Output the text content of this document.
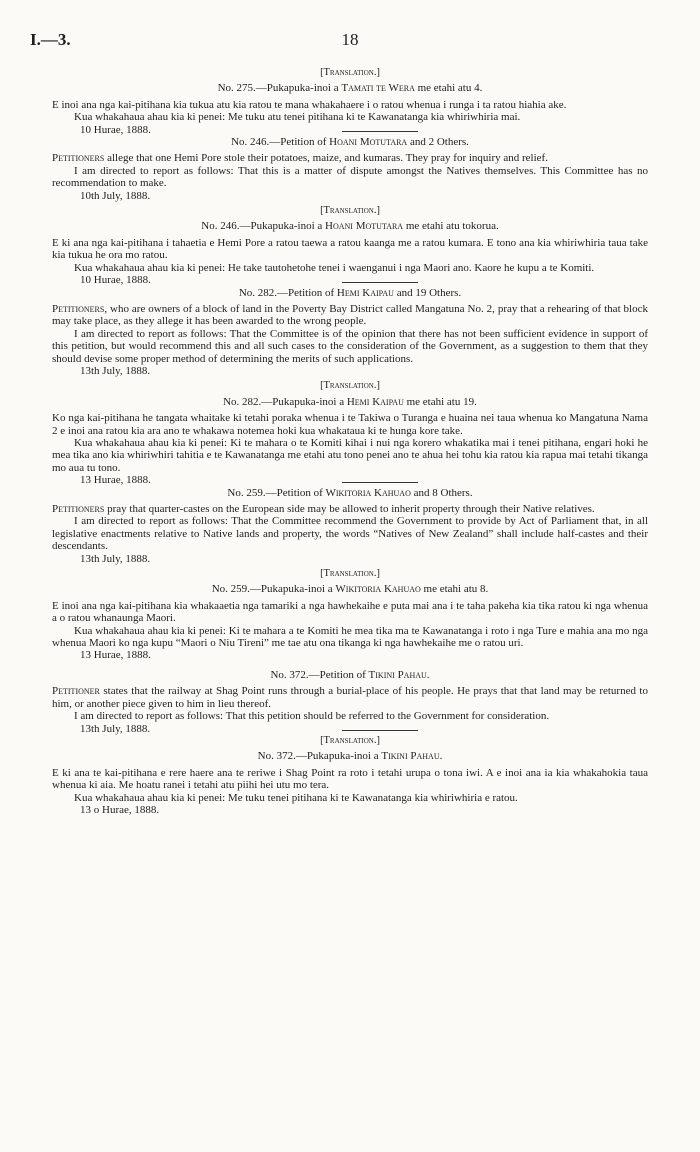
I.—3.	18
[Translation.]
No. 275.—Pukapuka-inoi a Tamati te Wera me etahi atu 4.
E inoi ana nga kai-pitihana kia tukua atu kia ratou te mana whakahaere i o ratou whenua i runga i ta ratou hiahia ake.
Kua whakahaua ahau kia ki penei: Me tuku atu tenei pitihana ki te Kawanatanga kia whiriwhiria mai.
10 Hurae, 1888.
No. 246.—Petition of Hoani Motutara and 2 Others.
Petitioners allege that one Hemi Pore stole their potatoes, maize, and kumaras. They pray for inquiry and relief.
I am directed to report as follows: That this is a matter of dispute amongst the Natives themselves. This Committee has no recommendation to make.
10th July, 1888.
[Translation.]
No. 246.—Pukapuka-inoi a Hoani Motutara me etahi atu tokorua.
E ki ana nga kai-pitihana i tahaetia e Hemi Pore a ratou taewa a ratou kaanga me a ratou kumara. E tono ana kia whiriwhiria taua take kia tukua he ora mo ratou.
Kua whakahaua ahau kia ki penei: He take tautohetohe tenei i waenganui i nga Maori ano. Kaore he kupu a te Komiti.
10 Hurae, 1888.
No. 282.—Petition of Hemi Kaipau and 19 Others.
Petitioners, who are owners of a block of land in the Poverty Bay District called Mangatuna No. 2, pray that a rehearing of that block may take place, as they allege it has been awarded to the wrong people.
I am directed to report as follows: That the Committee is of the opinion that there has not been sufficient evidence in support of this petition, but would recommend this and all such cases to the consideration of the Government, as a suggestion to them that they should devise some proper method of determining the merits of such applications.
13th July, 1888.
[Translation.]
No. 282.—Pukapuka-inoi a Hemi Kaipau me etahi atu 19.
Ko nga kai-pitihana he tangata whaitake ki tetahi poraka whenua i te Takiwa o Turanga e huaina nei taua whenua ko Mangatuna Nama 2 e inoi ana ratou kia ara ano te whakawa notemea hoki kua whakataua ki te hunga kore take.
Kua whakahaua ahau kia ki penei: Ki te mahara o te Komiti kihai i nui nga korero whakatika mai i tenei pitihana, engari hoki he mea tika ano kia whiriwhiri tahitia e te Kawanatanga me etahi atu tono penei ano te ahua hei tohu kia ratou kia rapua mai tetahi tikanga mo aua tu tono.
13 Hurae, 1888.
No. 259.—Petition of Wikitoria Kahuao and 8 Others.
Petitioners pray that quarter-castes on the European side may be allowed to inherit property through their Native relatives.
I am directed to report as follows: That the Committee recommend the Government to provide by Act of Parliament that, in all legislative enactments relative to Native lands and property, the words “Natives of New Zealand” shall include half-castes and their descendants.
13th July, 1888.
[Translation.]
No. 259.—Pukapuka-inoi a Wikitoria Kahuao me etahi atu 8.
E inoi ana nga kai-pitihana kia whakaaetia nga tamariki a nga hawhekaihe e puta mai ana i te taha pakeha kia tika ratou ki nga whenua a o ratou whanaunga Maori.
Kua whakahaua ahau kia ki penei: Ki te mahara a te Komiti he mea tika ma te Kawanatanga i roto i nga Ture e mahia ana mo nga whenua Maori ko nga kupu “Maori o Niu Tireni” me tae atu ona tikanga ki nga hawhekaihe me o ratou uri.
13 Hurae, 1888.
No. 372.—Petition of Tikini Pahau.
Petitioner states that the railway at Shag Point runs through a burial-place of his people. He prays that that land may be returned to him, or another piece given to him in lieu thereof.
I am directed to report as follows: That this petition should be referred to the Government for consideration.
13th July, 1888.
[Translation.]
No. 372.—Pukapuka-inoi a Tikini Pahau.
E ki ana te kai-pitihana e rere haere ana te reriwe i Shag Point ra roto i tetahi urupa o tona iwi. A e inoi ana ia kia whakahokia taua whenua ki aia. Me hoatu ranei i tetahi atu piihi hei utu mo tera.
Kua whakahaua ahau kia ki penei: Me tuku tenei pitihana ki te Kawanatanga kia whiriwhiria e ratou.
13 o Hurae, 1888.
